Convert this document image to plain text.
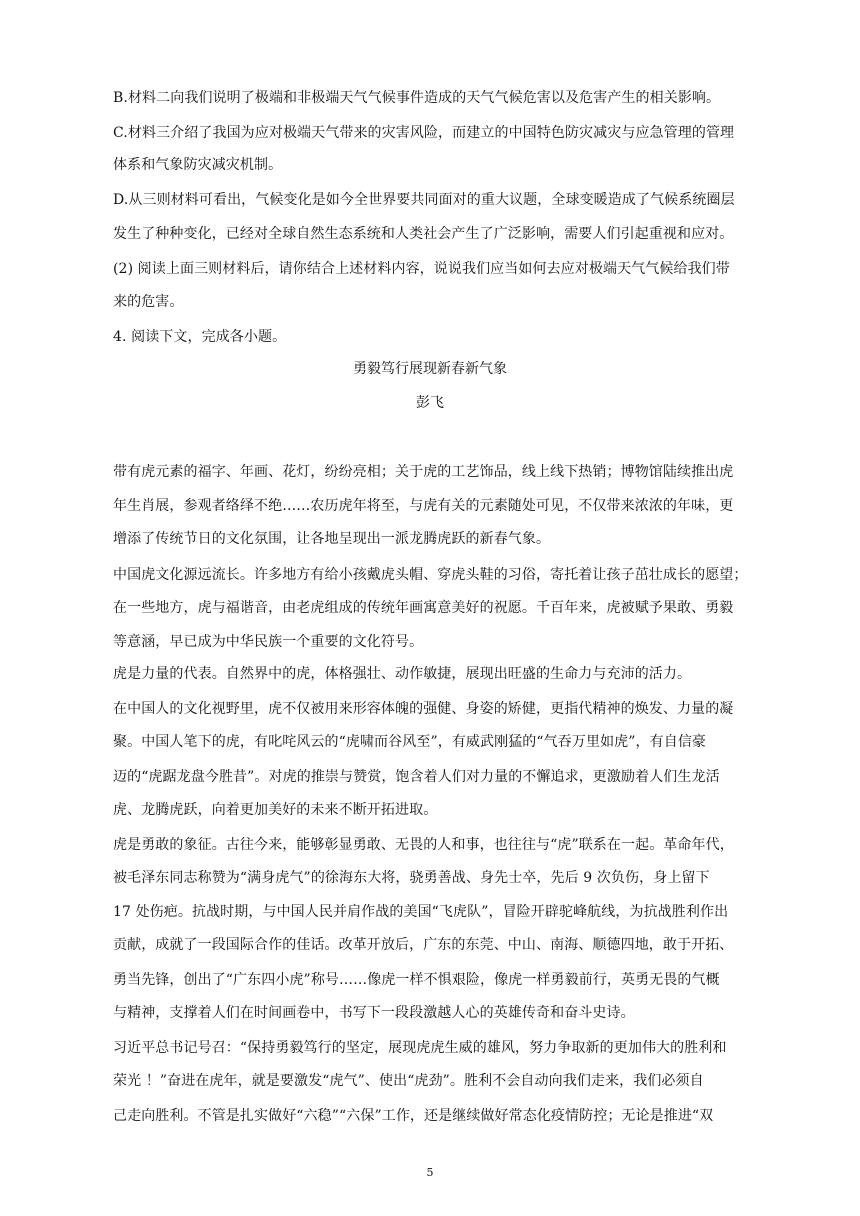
B.材料二向我们说明了极端和非极端天气气候事件造成的天气气候危害以及危害产生的相关影响。
C.材料三介绍了我国为应对极端天气带来的灾害风险，而建立的中国特色防灾减灾与应急管理的管理
体系和气象防灾减灾机制。
D.从三则材料可看出，气候变化是如今全世界要共同面对的重大议题，全球变暖造成了气候系统圈层
发生了种种变化，已经对全球自然生态系统和人类社会产生了广泛影响，需要人们引起重视和应对。
(2) 阅读上面三则材料后，请你结合上述材料内容，说说我们应当如何去应对极端天气气候给我们带
来的危害。
4. 阅读下文，完成各小题。
勇毅笃行展现新春新气象
彭飞
带有虎元素的福字、年画、花灯，纷纷亮相；关于虎的工艺饰品，线上线下热销；博物馆陆续推出虎
年生肖展，参观者络绎不绝……农历虎年将至，与虎有关的元素随处可见，不仅带来浓浓的年味，更
增添了传统节日的文化氛围，让各地呈现出一派龙腾虎跃的新春气象。
中国虎文化源远流长。许多地方有给小孩戴虎头帽、穿虎头鞋的习俗，寄托着让孩子茁壮成长的愿望；
在一些地方，虎与福谐音，由老虎组成的传统年画寓意美好的祝愿。千百年来，虎被赋予果敢、勇毅
等意涵，早已成为中华民族一个重要的文化符号。
虎是力量的代表。自然界中的虎，体格强壮、动作敏捷，展现出旺盛的生命力与充沛的活力。
在中国人的文化视野里，虎不仅被用来形容体魄的强健、身姿的矫健，更指代精神的焕发、力量的凝
聚。中国人笔下的虎，有叱咤风云的“虎啸而谷风至”，有威武刚猛的“气吞万里如虎”，有自信豪
迈的“虎踞龙盘今胜昔”。对虎的推崇与赞赏，饱含着人们对力量的不懈追求，更激励着人们生龙活
虎、龙腾虎跃，向着更加美好的未来不断开拓进取。
虎是勇敢的象征。古往今来，能够彰显勇敢、无畏的人和事，也往往与“虎”联系在一起。革命年代，
被毛泽东同志称赞为“满身虎气”的徐海东大将，骁勇善战、身先士卒，先后 9 次负伤，身上留下
17 处伤疤。抗战时期，与中国人民并肩作战的美国“飞虎队”，冒险开辟驼峰航线，为抗战胜利作出
贡献，成就了一段国际合作的佳话。改革开放后，广东的东莞、中山、南海、顺德四地，敢于开拓、
勇当先锋，创出了“广东四小虎”称号……像虎一样不惧艰险，像虎一样勇毅前行，英勇无畏的气概
与精神，支撑着人们在时间画卷中，书写下一段段激越人心的英雄传奇和奋斗史诗。
习近平总书记号召：“保持勇毅笃行的坚定，展现虎虎生威的雄风，努力争取新的更加伟大的胜利和
荣光 ！”奋进在虎年，就是要激发“虎气”、使出“虎劲”。胜利不会自动向我们走来，我们必须自
己走向胜利。不管是扎实做好“六稳”“六保”工作，还是继续做好常态化疫情防控；无论是推进“双
5
